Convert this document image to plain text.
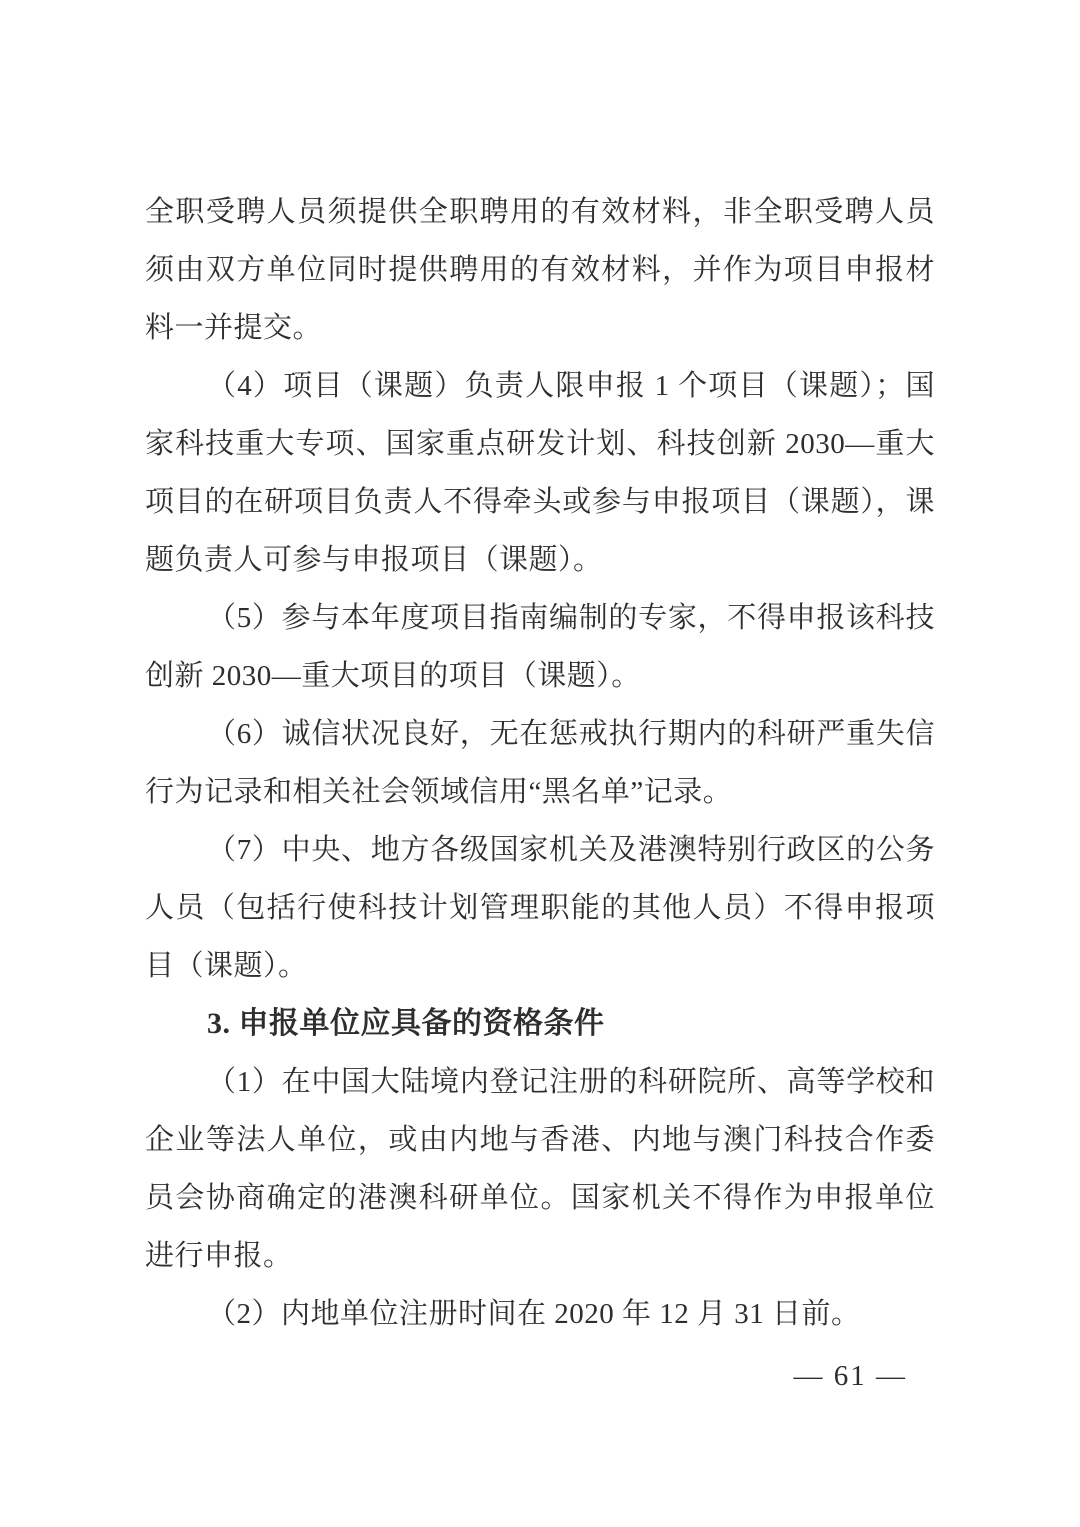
全职受聘人员须提供全职聘用的有效材料，非全职受聘人员须由双方单位同时提供聘用的有效材料，并作为项目申报材料一并提交。

（4）项目（课题）负责人限申报 1 个项目（课题）；国家科技重大专项、国家重点研发计划、科技创新 2030—重大项目的在研项目负责人不得牵头或参与申报项目（课题），课题负责人可参与申报项目（课题）。

（5）参与本年度项目指南编制的专家，不得申报该科技创新 2030—重大项目的项目（课题）。

（6）诚信状况良好，无在惩戒执行期内的科研严重失信行为记录和相关社会领域信用“黑名单”记录。

（7）中央、地方各级国家机关及港澳特别行政区的公务人员（包括行使科技计划管理职能的其他人员）不得申报项目（课题）。

3. 申报单位应具备的资格条件

（1）在中国大陆境内登记注册的科研院所、高等学校和企业等法人单位，或由内地与香港、内地与澳门科技合作委员会协商确定的港澳科研单位。国家机关不得作为申报单位进行申报。

（2）内地单位注册时间在 2020 年 12 月 31 日前。

— 61 —
